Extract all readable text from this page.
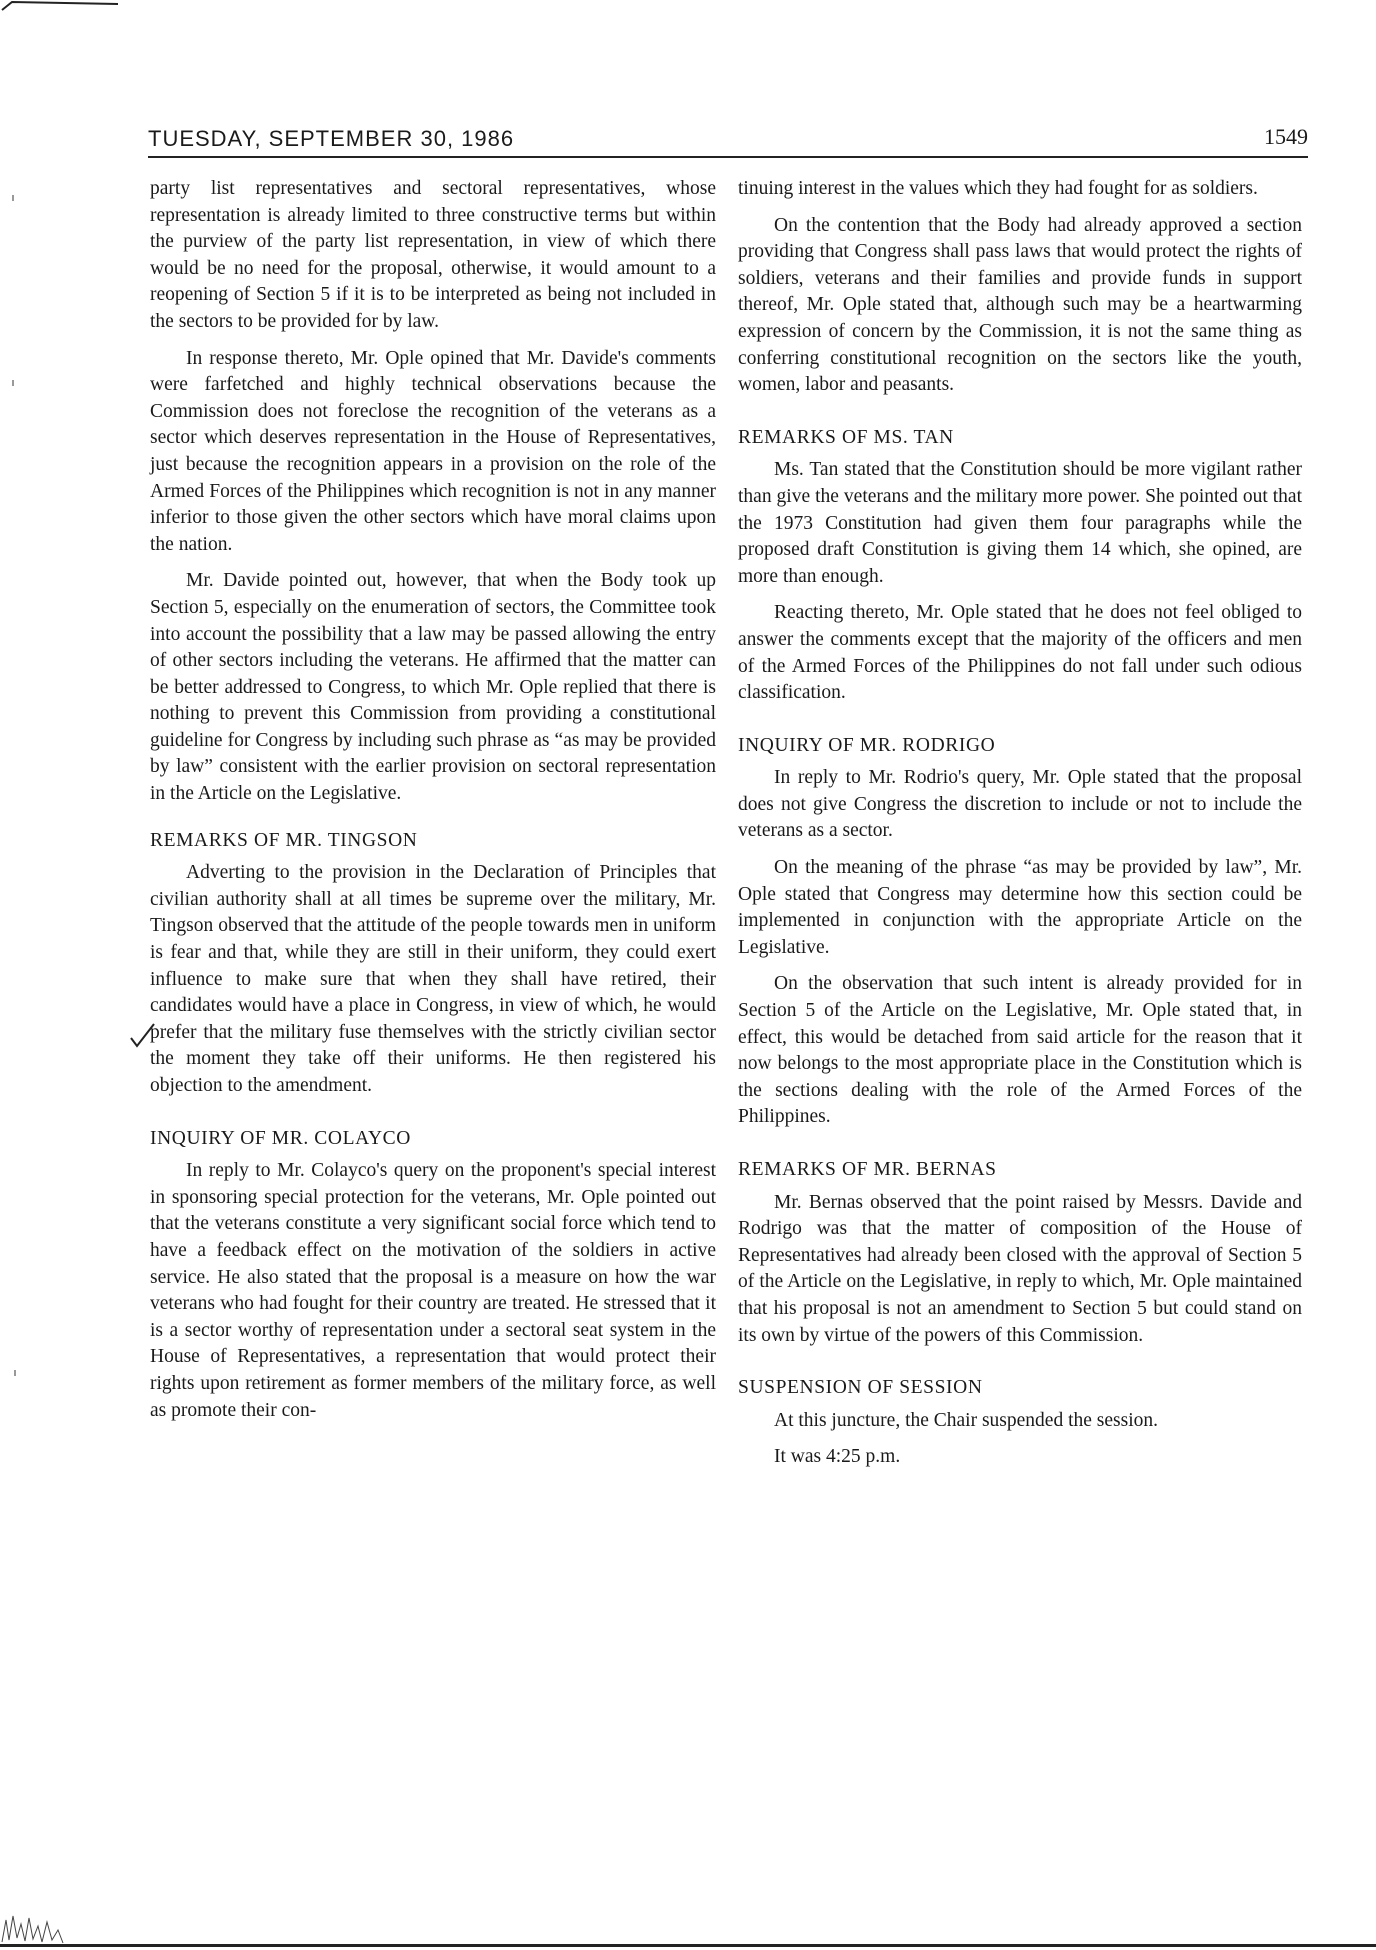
TUESDAY, SEPTEMBER 30, 1986	1549

party list representatives and sectoral representatives, whose representation is already limited to three constructive terms but within the purview of the party list representation, in view of which there would be no need for the proposal, otherwise, it would amount to a reopening of Section 5 if it is to be interpreted as being not included in the sectors to be provided for by law.

In response thereto, Mr. Ople opined that Mr. Davide's comments were farfetched and highly technical observations because the Commission does not foreclose the recognition of the veterans as a sector which deserves representation in the House of Representatives, just because the recognition appears in a provision on the role of the Armed Forces of the Philippines which recognition is not in any manner inferior to those given the other sectors which have moral claims upon the nation.

Mr. Davide pointed out, however, that when the Body took up Section 5, especially on the enumeration of sectors, the Committee took into account the possibility that a law may be passed allowing the entry of other sectors including the veterans. He affirmed that the matter can be better addressed to Congress, to which Mr. Ople replied that there is nothing to prevent this Commission from providing a constitutional guideline for Congress by including such phrase as “as may be provided by law” consistent with the earlier provision on sectoral representation in the Article on the Legislative.

REMARKS OF MR. TINGSON

Adverting to the provision in the Declaration of Principles that civilian authority shall at all times be supreme over the military, Mr. Tingson observed that the attitude of the people towards men in uniform is fear and that, while they are still in their uniform, they could exert influence to make sure that when they shall have retired, their candidates would have a place in Congress, in view of which, he would prefer that the military fuse themselves with the strictly civilian sector the moment they take off their uniforms. He then registered his objection to the amendment.

INQUIRY OF MR. COLAYCO

In reply to Mr. Colayco's query on the proponent's special interest in sponsoring special protection for the veterans, Mr. Ople pointed out that the veterans constitute a very significant social force which tend to have a feedback effect on the motivation of the soldiers in active service. He also stated that the proposal is a measure on how the war veterans who had fought for their country are treated. He stressed that it is a sector worthy of representation under a sectoral seat system in the House of Representatives, a representation that would protect their rights upon retirement as former members of the military force, as well as promote their con-

tinuing interest in the values which they had fought for as soldiers.

On the contention that the Body had already approved a section providing that Congress shall pass laws that would protect the rights of soldiers, veterans and their families and provide funds in support thereof, Mr. Ople stated that, although such may be a heartwarming expression of concern by the Commission, it is not the same thing as conferring constitutional recognition on the sectors like the youth, women, labor and peasants.

REMARKS OF MS. TAN

Ms. Tan stated that the Constitution should be more vigilant rather than give the veterans and the military more power. She pointed out that the 1973 Constitution had given them four paragraphs while the proposed draft Constitution is giving them 14 which, she opined, are more than enough.

Reacting thereto, Mr. Ople stated that he does not feel obliged to answer the comments except that the majority of the officers and men of the Armed Forces of the Philippines do not fall under such odious classification.

INQUIRY OF MR. RODRIGO

In reply to Mr. Rodrio's query, Mr. Ople stated that the proposal does not give Congress the discretion to include or not to include the veterans as a sector.

On the meaning of the phrase “as may be provided by law”, Mr. Ople stated that Congress may determine how this section could be implemented in conjunction with the appropriate Article on the Legislative.

On the observation that such intent is already provided for in Section 5 of the Article on the Legislative, Mr. Ople stated that, in effect, this would be detached from said article for the reason that it now belongs to the most appropriate place in the Constitution which is the sections dealing with the role of the Armed Forces of the Philippines.

REMARKS OF MR. BERNAS

Mr. Bernas observed that the point raised by Messrs. Davide and Rodrigo was that the matter of composition of the House of Representatives had already been closed with the approval of Section 5 of the Article on the Legislative, in reply to which, Mr. Ople maintained that his proposal is not an amendment to Section 5 but could stand on its own by virtue of the powers of this Commission.

SUSPENSION OF SESSION

At this juncture, the Chair suspended the session.

It was 4:25 p.m.
